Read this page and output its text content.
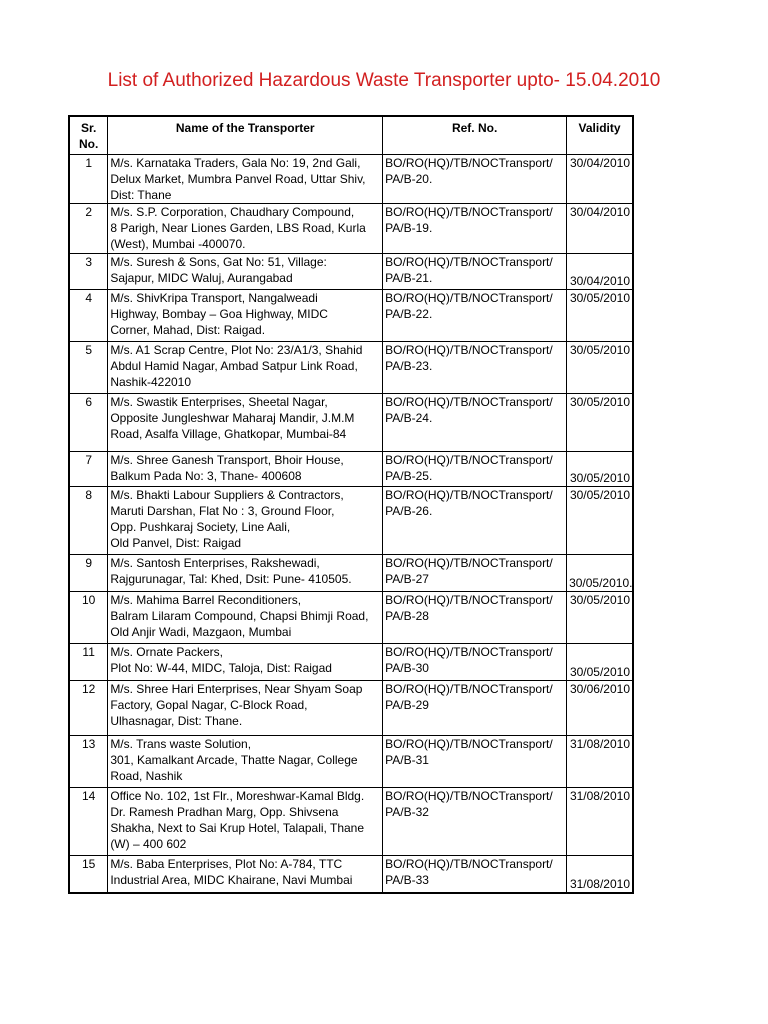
List of Authorized Hazardous Waste Transporter upto- 15.04.2010
Sr.
No.	Name of the Transporter	Ref. No.	Validity
1	M/s. Karnataka Traders, Gala No: 19, 2nd Gali,
Delux Market, Mumbra Panvel Road, Uttar Shiv,
Dist: Thane	BO/RO(HQ)/TB/NOCTransport/
PA/B-20.	30/04/2010
2	M/s. S.P. Corporation, Chaudhary Compound,
8 Parigh, Near Liones Garden, LBS Road, Kurla
(West), Mumbai -400070.	BO/RO(HQ)/TB/NOCTransport/
PA/B-19.	30/04/2010
3	M/s. Suresh & Sons, Gat No: 51, Village:
Sajapur, MIDC Waluj, Aurangabad	BO/RO(HQ)/TB/NOCTransport/
PA/B-21.	30/04/2010
4	M/s. ShivKripa Transport, Nangalweadi
Highway, Bombay – Goa Highway, MIDC
Corner, Mahad, Dist: Raigad.	BO/RO(HQ)/TB/NOCTransport/
PA/B-22.	30/05/2010
5	M/s. A1 Scrap Centre, Plot No: 23/A1/3, Shahid
Abdul Hamid Nagar, Ambad Satpur Link Road,
Nashik-422010	BO/RO(HQ)/TB/NOCTransport/
PA/B-23.	30/05/2010
6	M/s. Swastik Enterprises, Sheetal Nagar,
Opposite Jungleshwar Maharaj Mandir, J.M.M
Road, Asalfa Village, Ghatkopar, Mumbai-84	BO/RO(HQ)/TB/NOCTransport/
PA/B-24.	30/05/2010
7	M/s. Shree Ganesh Transport, Bhoir House,
Balkum Pada No: 3, Thane- 400608	BO/RO(HQ)/TB/NOCTransport/
PA/B-25.	30/05/2010
8	M/s. Bhakti Labour Suppliers & Contractors,
Maruti Darshan, Flat No : 3, Ground Floor,
Opp. Pushkaraj Society, Line Aali,
Old Panvel, Dist: Raigad	BO/RO(HQ)/TB/NOCTransport/
PA/B-26.	30/05/2010
9	M/s. Santosh Enterprises, Rakshewadi,
Rajgurunagar, Tal: Khed, Dsit: Pune- 410505.	BO/RO(HQ)/TB/NOCTransport/
PA/B-27	30/05/2010.
10	M/s. Mahima Barrel Reconditioners,
Balram Lilaram Compound, Chapsi Bhimji Road,
Old Anjir Wadi, Mazgaon, Mumbai	BO/RO(HQ)/TB/NOCTransport/
PA/B-28	30/05/2010
11	M/s. Ornate Packers,
Plot No: W-44, MIDC, Taloja, Dist: Raigad	BO/RO(HQ)/TB/NOCTransport/
PA/B-30	30/05/2010
12	M/s. Shree Hari Enterprises, Near Shyam Soap
Factory, Gopal Nagar, C-Block Road,
Ulhasnagar, Dist: Thane.	BO/RO(HQ)/TB/NOCTransport/
PA/B-29	30/06/2010
13	M/s. Trans waste Solution,
301, Kamalkant Arcade, Thatte Nagar, College
Road, Nashik	BO/RO(HQ)/TB/NOCTransport/
PA/B-31	31/08/2010
14	Office No. 102, 1st Flr., Moreshwar-Kamal Bldg.
Dr. Ramesh Pradhan Marg, Opp. Shivsena
Shakha, Next to Sai Krup Hotel, Talapali, Thane
(W) – 400 602	BO/RO(HQ)/TB/NOCTransport/
PA/B-32	31/08/2010
15	M/s. Baba Enterprises, Plot No: A-784, TTC
Industrial Area, MIDC Khairane, Navi Mumbai	BO/RO(HQ)/TB/NOCTransport/
PA/B-33	31/08/2010
